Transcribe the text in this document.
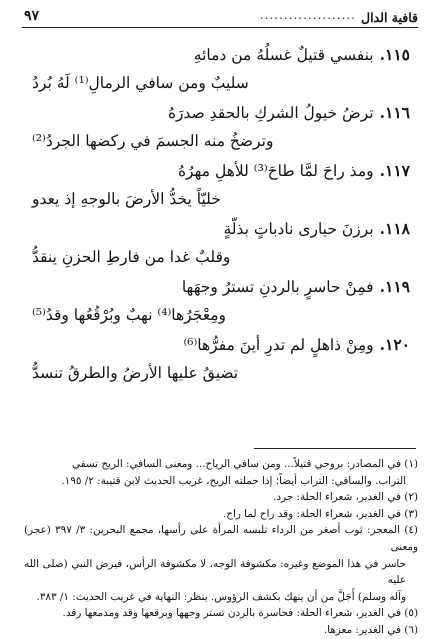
قافية الدال
....................
٩٧
١١٥.بنفسي قتيلٌ غسلُهُ من دمائهِ
سليبٌ ومن سافي الرمالِ⁽¹⁾ لَهُ بُردُ
١١٦.ترضُ خيولُ الشركِ بالحقدِ صدرَهُ
وترضخُ منه الجسمَ في ركضها الجردُ⁽²⁾
١١٧.ومذ راحَ لمَّا طاحَ⁽³⁾ للأهلِ مهرُهُ
خليّاً يخدُّ الأرضَ بالوجهِ إذ يعدو
١١٨.برزنَ حيارى نادباتٍ بذلّةٍ
وقلبٌ غدا من فارطِ الحزنِ ينقدُّ
١١٩.فمِنْ حاسرٍ بالردنِ تسترُ وجهَها
ومِعْجَرُها⁽⁴⁾ نهبٌ وبُرْقُعُها وقدُ⁽⁵⁾
١٢٠.ومِنْ ذاهلٍ لم تدرِ أينَ مفرُّها⁽⁶⁾
تضيقُ عليها الأرضُ والطرقُ تنسدُّ

(١) في المصادر: بروحي قتيلاً... ومن سافي الرياح... ومعنى السافي: الريح تسفي

التراب. والسافي: التراب أيضاً؛ إذا حملته الريح، غريب الحديث لابن قتيبة: ٢/ ١٩٥.

(٢) في الغدير، شعراء الحلة: جرد.

(٣) في الغدير، شعراء الحلة: وقد راح لما راح.

(٤) المعجر: ثوب أصغر من الرداء تلبسه المرأة على رأسها، مجمع البحرين: ٣/ ٣٩٧ (عجر) ومعنى

حاسر في هذا الموضع وغيره: مكشوفة الوجه، لا مكشوفة الرأس، فيرض النبي (صلى الله عليه

وآله وسلم) أَجَلَّ من أن ينهك بكشف الرؤوس. ينظر: النهاية في غريب الحديث: ١/ ٣٨٣.

(٥) في الغدير، شعراء الحلة: فحاسرة بالردن تستر وجهها وبرقعها وقد ومدمعها رقد.

(٦) في الغدير: معزها.
